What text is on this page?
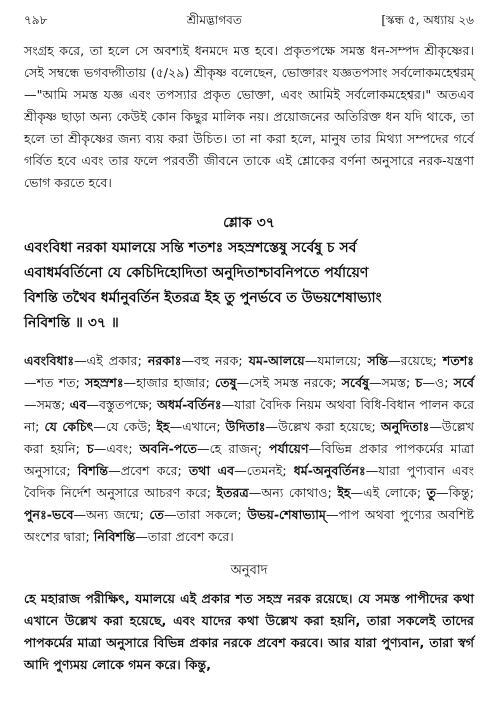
৭৯৮	শ্রীমদ্ভাগবত	[স্কন্ধ ৫, অধ্যায় ২৬

সংগ্রহ করে, তা হলে সে অবশ্যই ধনমদে মত্ত হবে। প্রকৃতপক্ষে সমস্ত ধন-সম্পদ শ্রীকৃষ্ণের। সেই সম্বন্ধে ভগবদ্গীতায় (৫/২৯) শ্রীকৃষ্ণ বলেছেন, ভোক্তারং যজ্ঞতপসাং সর্বলোকমহেশ্বরম্—"আমি সমস্ত যজ্ঞ এবং তপস্যার প্রকৃত ভোক্তা, এবং আমিই সর্বলোকমহেশ্বর।" অতএব শ্রীকৃষ্ণ ছাড়া অন্য কেউই কোন কিছুর মালিক নয়। প্রয়োজনের অতিরিক্ত ধন যদি থাকে, তা হলে তা শ্রীকৃষ্ণের জন্য ব্যয় করা উচিত। তা না করা হলে, মানুষ তার মিথ্যা সম্পদের গর্বে গর্বিত হবে এবং তার ফলে পরবর্তী জীবনে তাকে এই শ্লোকের বর্ণনা অনুসারে নরক-যন্ত্রণা ভোগ করতে হবে।

শ্লোক ৩৭
এবংবিধা নরকা যমালয়ে সন্তি শতশঃ সহস্রশস্তেষু সর্বেষু চ সর্ব
এবাধর্মবর্তিনো যে কেচিদিহোদিতা অনুদিতাশ্চাবনিপতে পর্যায়েণ
বিশন্তি তথৈব ধর্মানুবর্তিন ইতরত্র ইহ তু পুনর্ভবে ত উভয়শেষাভ্যাং
নিবিশন্তি ॥ ৩৭ ॥
এবংবিধাঃ—এই প্রকার; নরকাঃ—বহু নরক; যম-আলয়ে—যমালয়ে; সন্তি—রয়েছে; শতশঃ—শত শত; সহস্রশঃ—হাজার হাজার; তেষু—সেই সমস্ত নরকে; সর্বেষু—সমস্ত; চ—ও; সর্বে—সমস্ত; এব—বস্তুতপক্ষে; অধর্ম-বর্তিনঃ—যারা বৈদিক নিয়ম অথবা বিধি-বিধান পালন করে না; যে কেচিৎ—যে কেউ; ইহ—এখানে; উদিতাঃ—উল্লেখ করা হয়েছে; অনুদিতাঃ—উল্লেখ করা হয়নি; চ—এবং; অবনি-পতে—হে রাজন্; পর্যায়েণ—বিভিন্ন প্রকার পাপকর্মের মাত্রা অনুসারে; বিশন্তি—প্রবেশ করে; তথা এব—তেমনই; ধর্ম-অনুবর্তিনঃ—যারা পুণ্যবান এবং বৈদিক নির্দেশ অনুসারে আচরণ করে; ইতরত্র—অন্য কোথাও; ইহ—এই লোকে; তু—কিন্তু; পুনঃ-ভবে—অন্য জন্মে; তে—তারা সকলে; উভয়-শেষাভ্যাম্—পাপ অথবা পুণ্যের অবশিষ্ট অংশের দ্বারা; নিবিশন্তি—তারা প্রবেশ করে।
অনুবাদ

হে মহারাজ পরীক্ষিৎ, যমালয়ে এই প্রকার শত সহস্র নরক রয়েছে। যে সমস্ত পাপীদের কথা এখানে উল্লেখ করা হয়েছে, এবং যাদের কথা উল্লেখ করা হয়নি, তারা সকলেই তাদের পাপকর্মের মাত্রা অনুসারে বিভিন্ন প্রকার নরকে প্রবেশ করবে। আর যারা পুণ্যবান, তারা স্বর্গ আদি পুণ্যময় লোকে গমন করে। কিন্তু,
